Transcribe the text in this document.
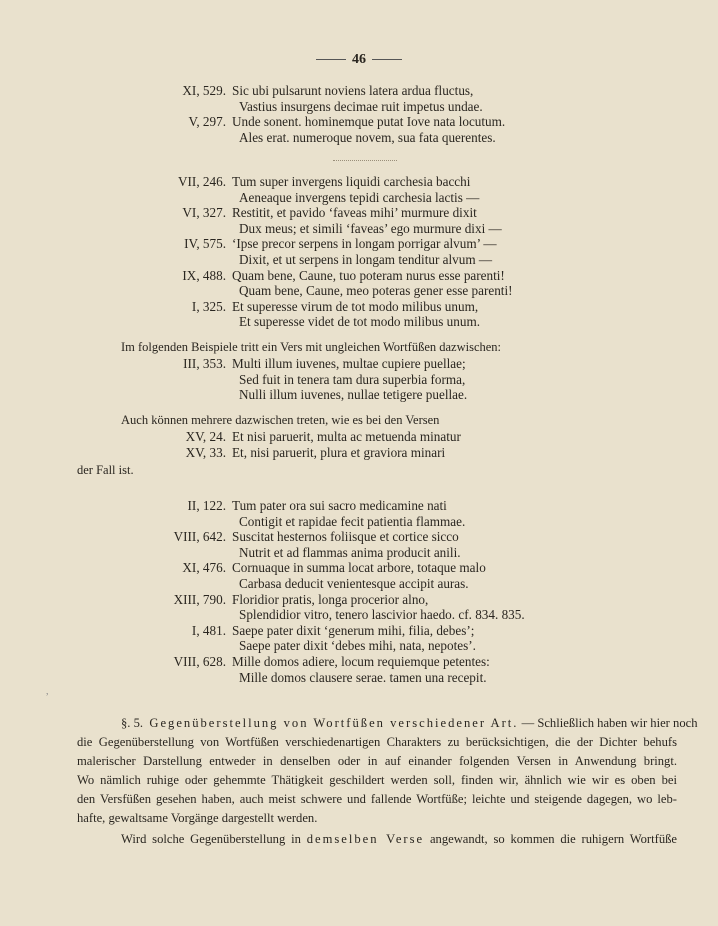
46
XI, 529. Sic ubi pulsarunt noviens latera ardua fluctus,
Vastius insurgens decimae ruit impetus undae.
V, 297. Unde sonent. hominemque putat Iove nata locutum.
Ales erat. numeroque novem, sua fata querentes.
VII, 246. Tum super invergens liquidi carchesia bacchi
Aeneaque invergens tepidi carchesia lactis —
VI, 327. Restitit, et pavido ‘faveas mihi’ murmure dixit
Dux meus; et simili ‘faveas’ ego murmure dixi —
IV, 575. ‘Ipse precor serpens in longam porrigar alvum’ —
Dixit, et ut serpens in longam tenditur alvum —
IX, 488. Quam bene, Caune, tuo poteram nurus esse parenti!
Quam bene, Caune, meo poteras gener esse parenti!
I, 325. Et superesse virum de tot modo milibus unum,
Et superesse videt de tot modo milibus unum.
Im folgenden Beispiele tritt ein Vers mit ungleichen Wortfüßen dazwischen:
III, 353. Multi illum iuvenes, multae cupiere puellae;
Sed fuit in tenera tam dura superbia forma,
Nulli illum iuvenes, nullae tetigere puellae.
Auch können mehrere dazwischen treten, wie es bei den Versen
XV, 24. Et nisi paruerit, multa ac metuenda minatur
XV, 33. Et, nisi paruerit, plura et graviora minari
der Fall ist.
II, 122. Tum pater ora sui sacro medicamine nati
Contigit et rapidae fecit patientia flammae.
VIII, 642. Suscitat hesternos foliisque et cortice sicco
Nutrit et ad flammas anima producit anili.
XI, 476. Cornuaque in summa locat arbore, totaque malo
Carbasa deducit venientesque accipit auras.
XIII, 790. Floridior pratis, longa procerior alno,
Splendidior vitro, tenero lascivior haedo. cf. 834. 835.
I, 481. Saepe pater dixit ‘generum mihi, filia, debes’;
Saepe pater dixit ‘debes mihi, nata, nepotes’.
VIII, 628. Mille domos adiere, locum requiemque petentes:
Mille domos clausere serae. tamen una recepit.
§. 5. Gegenüberstellung von Wortfüßen verschiedener Art. — Schließlich haben wir hier noch
die Gegenüberstellung von Wortfüßen verschiedenartigen Charakters zu berücksichtigen, die der Dichter behufs
malerischer Darstellung entweder in denselben oder in auf einander folgenden Versen in Anwendung bringt.
Wo nämlich ruhige oder gehemmte Thätigkeit geschildert werden soll, finden wir, ähnlich wie wir es oben bei
den Versfüßen gesehen haben, auch meist schwere und fallende Wortfüße; leichte und steigende dagegen, wo leb-
hafte, gewaltsame Vorgänge dargestellt werden.
Wird solche Gegenüberstellung in demselben Verse angewandt, so kommen die ruhigern Wortfüße
,
